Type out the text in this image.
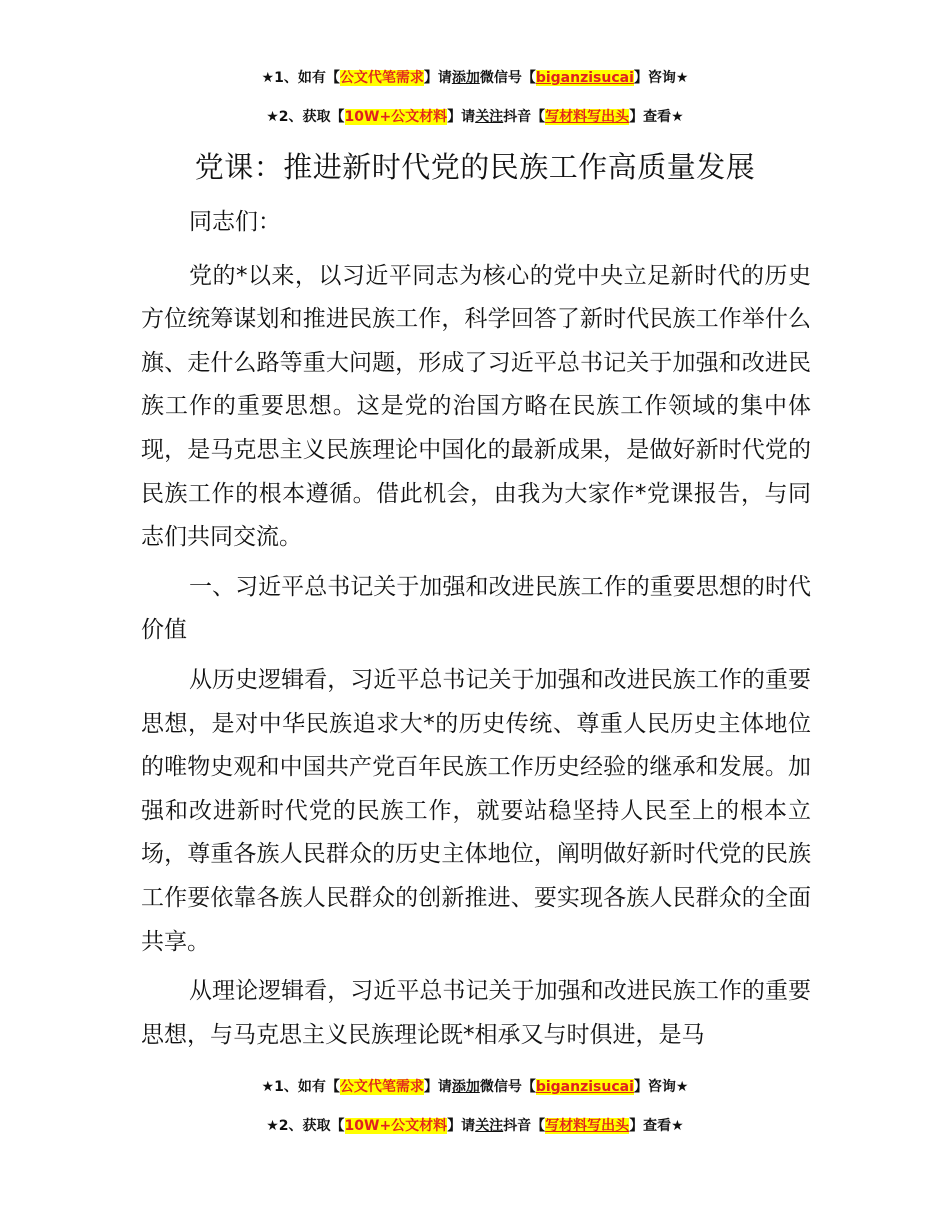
★1、如有【公文代笔需求】请添加微信号【biganzisucai】咨询★
★2、获取【10W+公文材料】请关注抖音【写材料写出头】查看★
党课：推进新时代党的民族工作高质量发展

同志们：

党的*以来，以习近平同志为核心的党中央立足新时代的历史方位统筹谋划和推进民族工作，科学回答了新时代民族工作举什么旗、走什么路等重大问题，形成了习近平总书记关于加强和改进民族工作的重要思想。这是党的治国方略在民族工作领域的集中体现，是马克思主义民族理论中国化的最新成果，是做好新时代党的民族工作的根本遵循。借此机会，由我为大家作*党课报告，与同志们共同交流。

一、习近平总书记关于加强和改进民族工作的重要思想的时代价值

从历史逻辑看，习近平总书记关于加强和改进民族工作的重要思想，是对中华民族追求大*的历史传统、尊重人民历史主体地位的唯物史观和中国共产党百年民族工作历史经验的继承和发展。加强和改进新时代党的民族工作，就要站稳坚持人民至上的根本立场，尊重各族人民群众的历史主体地位，阐明做好新时代党的民族工作要依靠各族人民群众的创新推进、要实现各族人民群众的全面共享。

从理论逻辑看，习近平总书记关于加强和改进民族工作的重要思想，与马克思主义民族理论既*相承又与时俱进，是马

★1、如有【公文代笔需求】请添加微信号【biganzisucai】咨询★
★2、获取【10W+公文材料】请关注抖音【写材料写出头】查看★
